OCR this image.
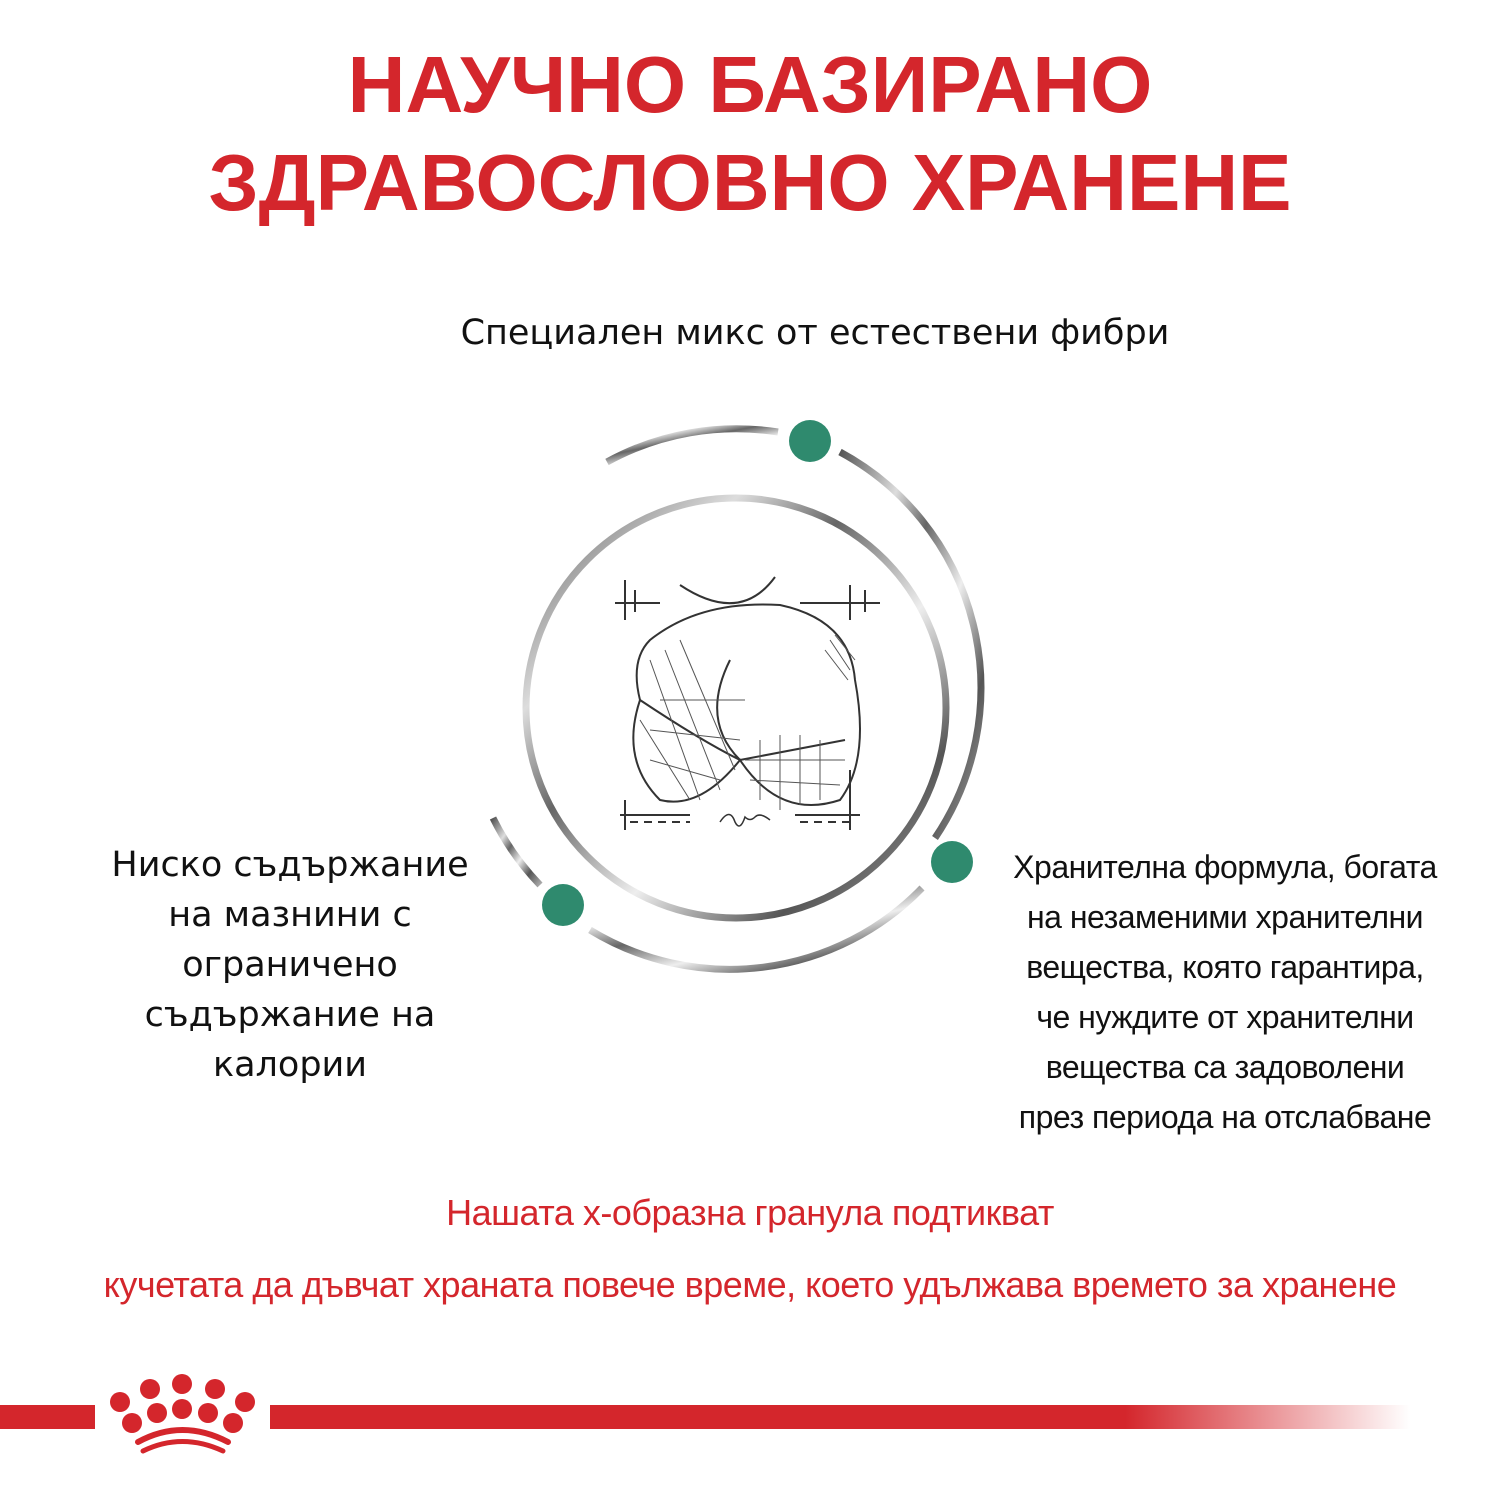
НАУЧНО БАЗИРАНО
ЗДРАВОСЛОВНО ХРАНЕНЕ
Специален микс от естествени фибри
Ниско съдържание
на мазнини с
ограничено
съдържание на
калории
Хранителна формула, богата
на незаменими хранителни
вещества, която гарантира,
че нуждите от хранителни
вещества са задоволени
през периода на отслабване
Нашата х-образна гранула подтикват
кучетата да дъвчат храната повече време, което удължава времето за хранене
